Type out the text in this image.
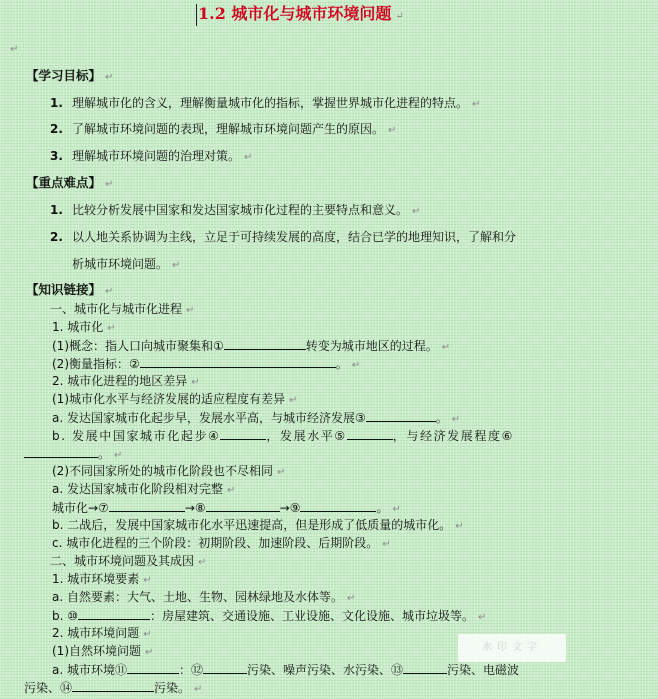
1.2 城市化与城市环境问题 ↵
↵
【学习目标】 ↵
1. 理解城市化的含义，理解衡量城市化的指标，掌握世界城市化进程的特点。 ↵
2. 了解城市环境问题的表现，理解城市环境问题产生的原因。 ↵
3. 理解城市环境问题的治理对策。 ↵
【重点难点】 ↵
1. 比较分析发展中国家和发达国家城市化过程的主要特点和意义。 ↵
2. 以人地关系协调为主线，立足于可持续发展的高度，结合已学的地理知识，了解和分
析城市环境问题。 ↵
【知识链接】 ↵
一、城市化与城市化进程 ↵
1. 城市化 ↵
(1)概念：指人口向城市聚集和①	转变为城市地区的过程。 ↵
(2)衡量指标：②	。 ↵
2. 城市化进程的地区差异 ↵
(1)城市化水平与经济发展的适应程度有差异 ↵
a. 发达国家城市化起步早，发展水平高，与城市经济发展③	。 ↵
b. 发展中国家城市化起步④	，发展水平⑤	，与经济发展程度⑥
。 ↵
(2)不同国家所处的城市化阶段也不尽相同 ↵
a. 发达国家城市化阶段相对完整 ↵
城市化→⑦	→⑧	→⑨	。 ↵
b. 二战后，发展中国家城市化水平迅速提高，但是形成了低质量的城市化。 ↵
c. 城市化进程的三个阶段：初期阶段、加速阶段、后期阶段。 ↵
二、城市环境问题及其成因 ↵
1. 城市环境要素 ↵
a. 自然要素：大气、土地、生物、园林绿地及水体等。 ↵
b. ⑩	：房屋建筑、交通设施、工业设施、文化设施、城市垃圾等。 ↵
2. 城市环境问题 ↵
(1)自然环境问题 ↵
a. 城市环境⑪	：⑫	污染、噪声污染、水污染、⑬	污染、电磁波
污染、⑭	污染。 ↵
水印文字
